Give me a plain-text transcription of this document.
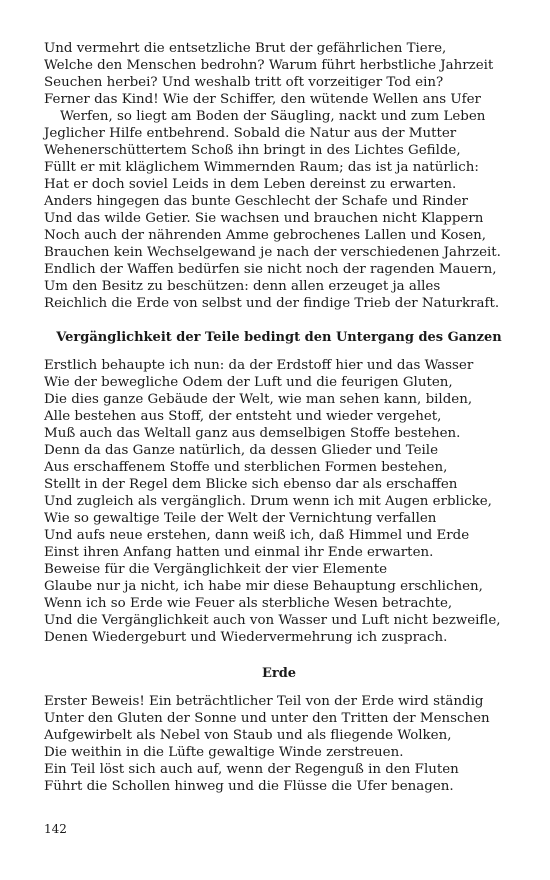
Und vermehrt die entsetzliche Brut der gefährlichen Tiere,

Welche den Menschen bedrohn? Warum führt herbstliche Jahrzeit

Seuchen herbei? Und weshalb tritt oft vorzeitiger Tod ein?

Ferner das Kind! Wie der Schiffer, den wütende Wellen ans Ufer

Werfen, so liegt am Boden der Säugling, nackt und zum Leben

Jeglicher Hilfe entbehrend. Sobald die Natur aus der Mutter

Wehenerschüttertem Schoß ihn bringt in des Lichtes Gefilde,

Füllt er mit kläglichem Wimmernden Raum; das ist ja natürlich:

Hat er doch soviel Leids in dem Leben dereinst zu erwarten.

Anders hingegen das bunte Geschlecht der Schafe und Rinder

Und das wilde Getier. Sie wachsen und brauchen nicht Klappern

Noch auch der nährenden Amme gebrochenes Lallen und Kosen,

Brauchen kein Wechselgewand je nach der verschiedenen Jahrzeit.

Endlich der Waffen bedürfen sie nicht noch der ragenden Mauern,

Um den Besitz zu beschützen: denn allen erzeuget ja alles

Reichlich die Erde von selbst und der findige Trieb der Naturkraft.

Vergänglichkeit der Teile bedingt den Untergang des Ganzen

Erstlich behaupte ich nun: da der Erdstoff hier und das Wasser

Wie der bewegliche Odem der Luft und die feurigen Gluten,

Die dies ganze Gebäude der Welt, wie man sehen kann, bilden,

Alle bestehen aus Stoff, der entsteht und wieder vergehet,

Muß auch das Weltall ganz aus demselbigen Stoffe bestehen.

Denn da das Ganze natürlich, da dessen Glieder und Teile

Aus erschaffenem Stoffe und sterblichen Formen bestehen,

Stellt in der Regel dem Blicke sich ebenso dar als erschaffen

Und zugleich als vergänglich. Drum wenn ich mit Augen erblicke,

Wie so gewaltige Teile der Welt der Vernichtung verfallen

Und aufs neue erstehen, dann weiß ich, daß Himmel und Erde

Einst ihren Anfang hatten und einmal ihr Ende erwarten.

Beweise für die Vergänglichkeit der vier Elemente

Glaube nur ja nicht, ich habe mir diese Behauptung erschlichen,

Wenn ich so Erde wie Feuer als sterbliche Wesen betrachte,

Und die Vergänglichkeit auch von Wasser und Luft nicht bezweifle,

Denen Wiedergeburt und Wiedervermehrung ich zusprach.

Erde

Erster Beweis! Ein beträchtlicher Teil von der Erde wird ständig

Unter den Gluten der Sonne und unter den Tritten der Menschen

Aufgewirbelt als Nebel von Staub und als fliegende Wolken,

Die weithin in die Lüfte gewaltige Winde zerstreuen.

Ein Teil löst sich auch auf, wenn der Regenguß in den Fluten

Führt die Schollen hinweg und die Flüsse die Ufer benagen.

142
